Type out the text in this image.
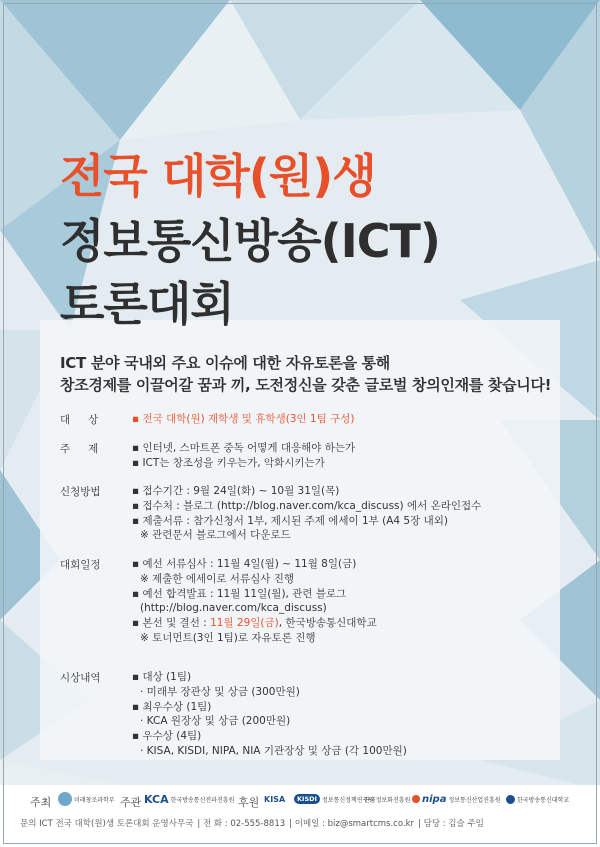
전국 대학(원)생
정보통신방송(ICT)
토론대회
ICT 분야 국내외 주요 이슈에 대한 자유토론을 통해
창조경제를 이끌어갈 꿈과 끼, 도전정신을 갖춘 글로벌 창의인재를 찾습니다!
대상	▪ 전국 대학(원) 재학생 및 휴학생(3인 1팀 구성)
주제	▪ 인터넷, 스마트폰 중독 어떻게 대응해야 하는가
▪ ICT는 창조성을 키우는가, 악화시키는가
신청방법	▪ 접수기간 : 9월 24일(화) ~ 10월 31일(목)
▪ 접수처 : 블로그 (http://blog.naver.com/kca_discuss) 에서 온라인접수
▪ 제출서류 : 참가신청서 1부, 제시된 주제 에세이 1부 (A4 5장 내외)
※ 관련문서 블로그에서 다운로드
대회일정	▪ 예선 서류심사 : 11월 4일(월) ~ 11월 8일(금)
※ 제출한 에세이로 서류심사 진행
▪ 예선 합격발표 : 11월 11일(월), 관련 블로그
(http://blog.naver.com/kca_discuss)
▪ 본선 및 결선 : 11월 29일(금), 한국방송통신대학교
※ 토너먼트(3인 1팀)로 자유토론 진행
시상내역	▪ 대상 (1팀)
· 미래부 장관상 및 상금 (300만원)
▪ 최우수상 (1팀)
· KCA 원장상 및 상금 (200만원)
▪ 우수상 (4팀)
· KISA, KISDI, NIPA, NIA 기관장상 및 상금 (각 100만원)
주최	미래창조과학부 주관 KCA 한국방송통신전파진흥원 후원 KISA	KISDI 정보통신정책연구원
한국정보화진흥원 nipa 정보통신산업진흥원	한국방송통신대학교
문의 ICT 전국 대학(원)생 토론대회 운영사무국 | 전 화 : 02-555-8813 | 이메일 : biz@smartcms.co.kr | 담당 : 김슬 주임
